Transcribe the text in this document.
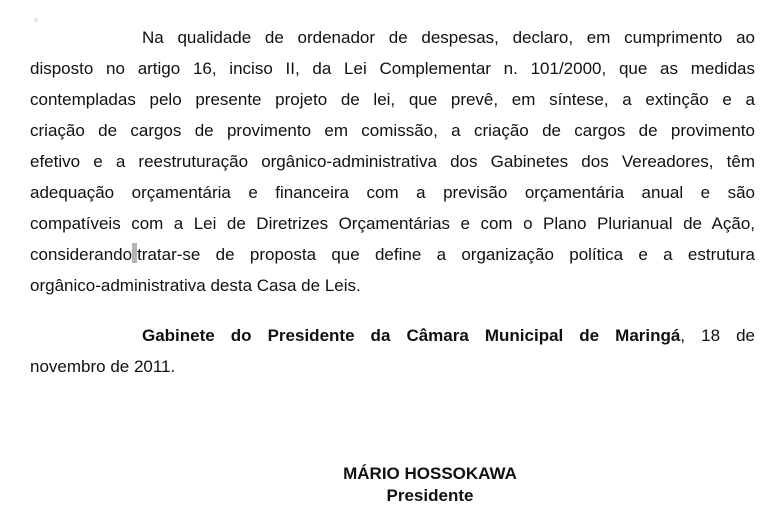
Na qualidade de ordenador de despesas, declaro, em cumprimento ao
disposto no artigo 16, inciso II, da Lei Complementar n. 101/2000, que as medidas
contempladas pelo presente projeto de lei, que prevê, em síntese, a extinção e a
criação de cargos de provimento em comissão, a criação de cargos de provimento
efetivo e a reestruturação orgânico-administrativa dos Gabinetes dos Vereadores, têm
adequação orçamentária e financeira com a previsão orçamentária anual e são
compatíveis com a Lei de Diretrizes Orçamentárias e com o Plano Plurianual de Ação,
considerando tratar-se de proposta que define a organização política e a estrutura
orgânico-administrativa desta Casa de Leis.
Gabinete do Presidente da Câmara Municipal de Maringá, 18 de
novembro de 2011.
MÁRIO HOSSOKAWA
Presidente
